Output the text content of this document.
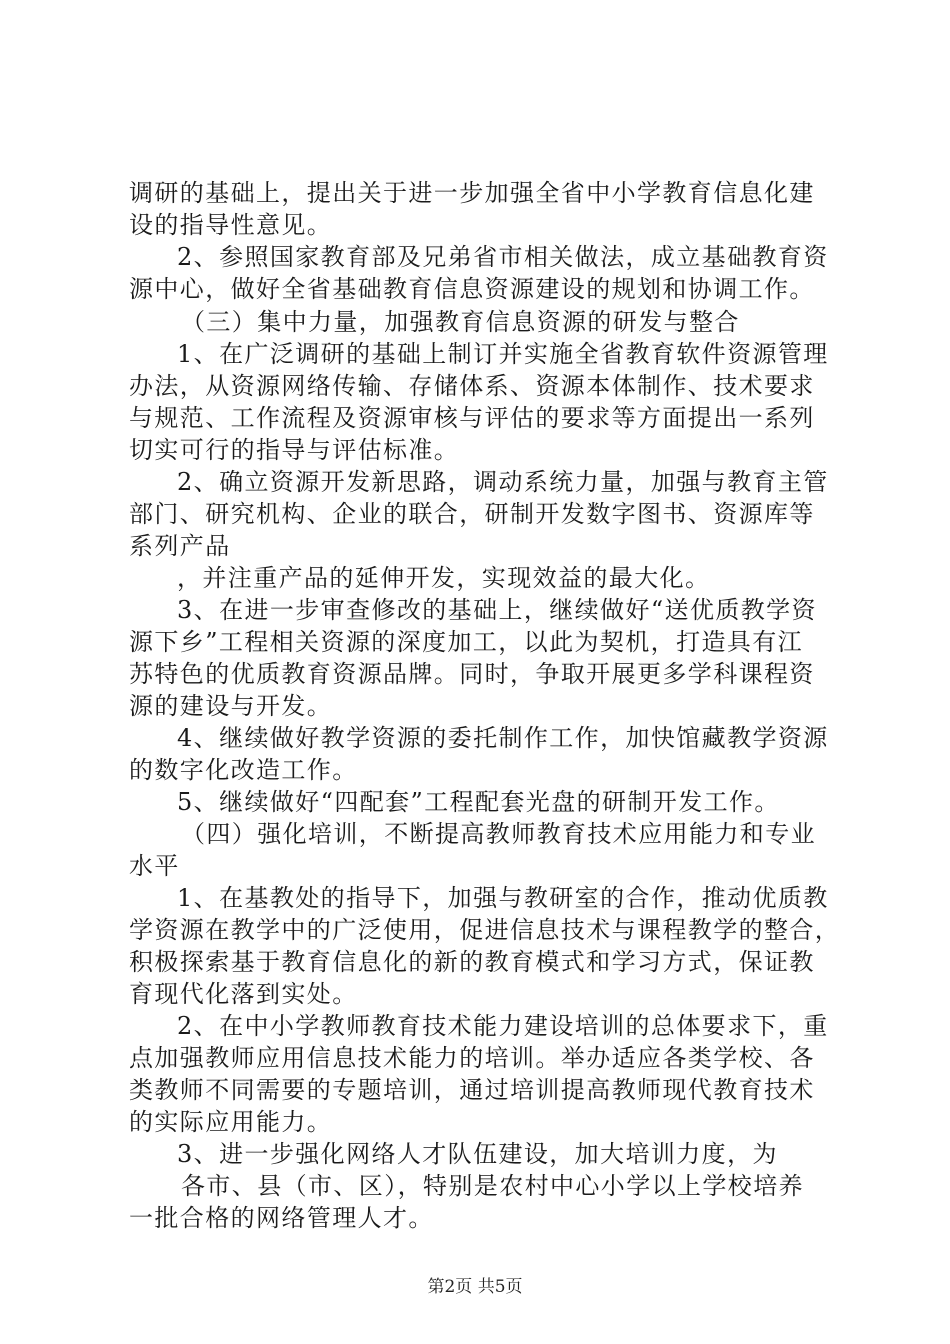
调研的基础上，提出关于进一步加强全省中小学教育信息化建
设的指导性意见。
2、参照国家教育部及兄弟省市相关做法，成立基础教育资
源中心，做好全省基础教育信息资源建设的规划和协调工作。
（三）集中力量，加强教育信息资源的研发与整合
1、在广泛调研的基础上制订并实施全省教育软件资源管理
办法，从资源网络传输、存储体系、资源本体制作、技术要求
与规范、工作流程及资源审核与评估的要求等方面提出一系列
切实可行的指导与评估标准。
2、确立资源开发新思路，调动系统力量，加强与教育主管
部门、研究机构、企业的联合，研制开发数字图书、资源库等
系列产品
，并注重产品的延伸开发，实现效益的最大化。
3、在进一步审查修改的基础上，继续做好“送优质教学资
源下乡”工程相关资源的深度加工，以此为契机，打造具有江
苏特色的优质教育资源品牌。同时，争取开展更多学科课程资
源的建设与开发。
4、继续做好教学资源的委托制作工作，加快馆藏教学资源
的数字化改造工作。
5、继续做好“四配套”工程配套光盘的研制开发工作。
（四）强化培训，不断提高教师教育技术应用能力和专业
水平
1、在基教处的指导下，加强与教研室的合作，推动优质教
学资源在教学中的广泛使用，促进信息技术与课程教学的整合，
积极探索基于教育信息化的新的教育模式和学习方式，保证教
育现代化落到实处。
2、在中小学教师教育技术能力建设培训的总体要求下，重
点加强教师应用信息技术能力的培训。举办适应各类学校、各
类教师不同需要的专题培训，通过培训提高教师现代教育技术
的实际应用能力。
3、进一步强化网络人才队伍建设，加大培训力度，为
各市、县（市、区），特别是农村中心小学以上学校培养
一批合格的网络管理人才。
第2页 共5页
